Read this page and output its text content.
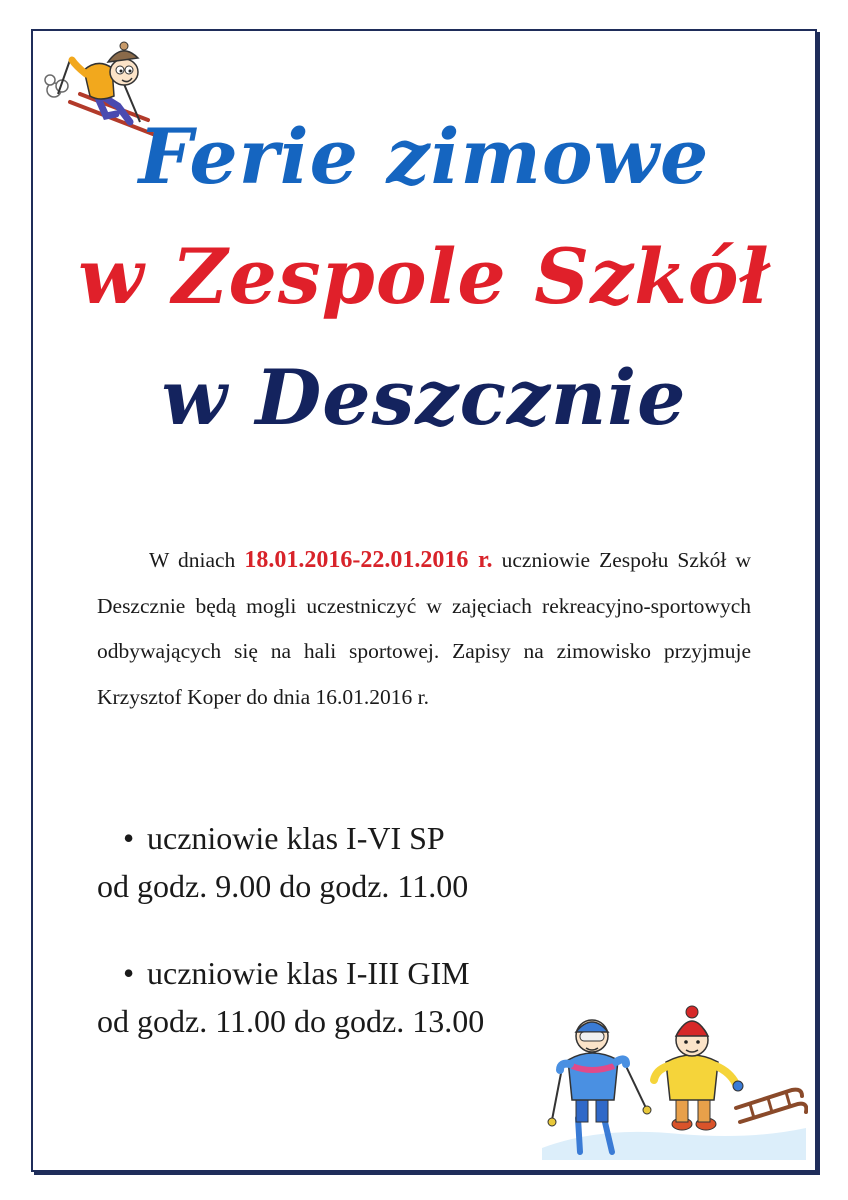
Ferie zimowe
w Zespole Szkół
w Deszcznie

W dniach 18.01.2016-22.01.2016 r. uczniowie Zespołu Szkół w Deszcznie będą mogli uczestniczyć w zajęciach rekreacyjno-sportowych odbywających się na hali sportowej. Zapisy na zimowisko przyjmuje Krzysztof Koper do dnia 16.01.2016 r.

• uczniowie klas I-VI SP
od godz. 9.00 do godz. 11.00
• uczniowie klas I-III GIM
od godz. 11.00 do godz. 13.00
